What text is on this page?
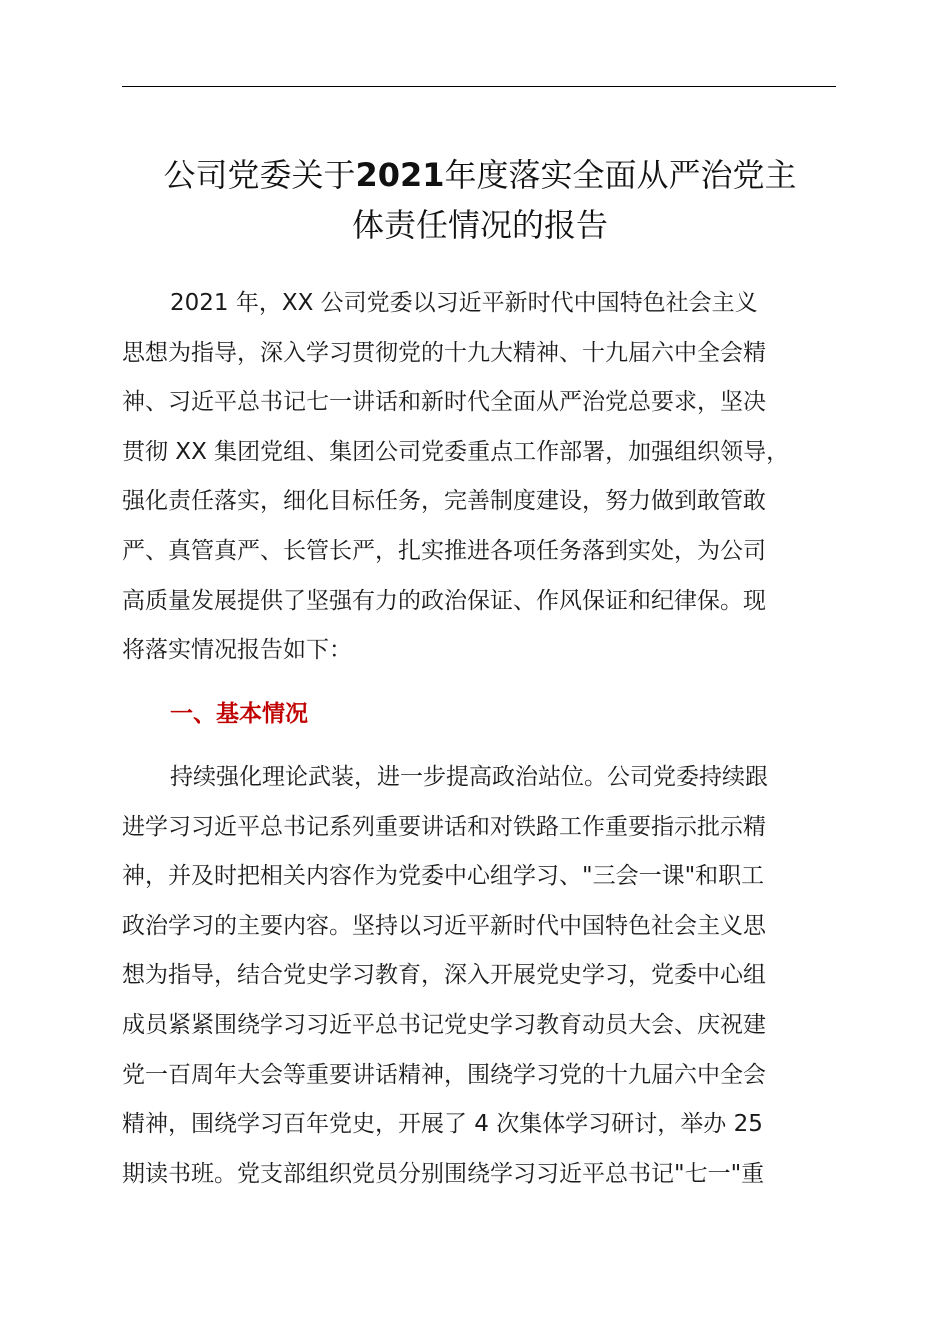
公司党委关于2021年度落实全面从严治党主
体责任情况的报告

2021 年，XX 公司党委以习近平新时代中国特色社会主义
思想为指导，深入学习贯彻党的十九大精神、十九届六中全会精
神、习近平总书记七一讲话和新时代全面从严治党总要求，坚决
贯彻 XX 集团党组、集团公司党委重点工作部署，加强组织领导，
强化责任落实，细化目标任务，完善制度建设，努力做到敢管敢
严、真管真严、长管长严，扎实推进各项任务落到实处，为公司
高质量发展提供了坚强有力的政治保证、作风保证和纪律保。现
将落实情况报告如下：

一、基本情况

持续强化理论武装，进一步提高政治站位。公司党委持续跟
进学习习近平总书记系列重要讲话和对铁路工作重要指示批示精
神，并及时把相关内容作为党委中心组学习、"三会一课"和职工
政治学习的主要内容。坚持以习近平新时代中国特色社会主义思
想为指导，结合党史学习教育，深入开展党史学习，党委中心组
成员紧紧围绕学习习近平总书记党史学习教育动员大会、庆祝建
党一百周年大会等重要讲话精神，围绕学习党的十九届六中全会
精神，围绕学习百年党史，开展了 4 次集体学习研讨，举办 25
期读书班。党支部组织党员分别围绕学习习近平总书记"七一"重
